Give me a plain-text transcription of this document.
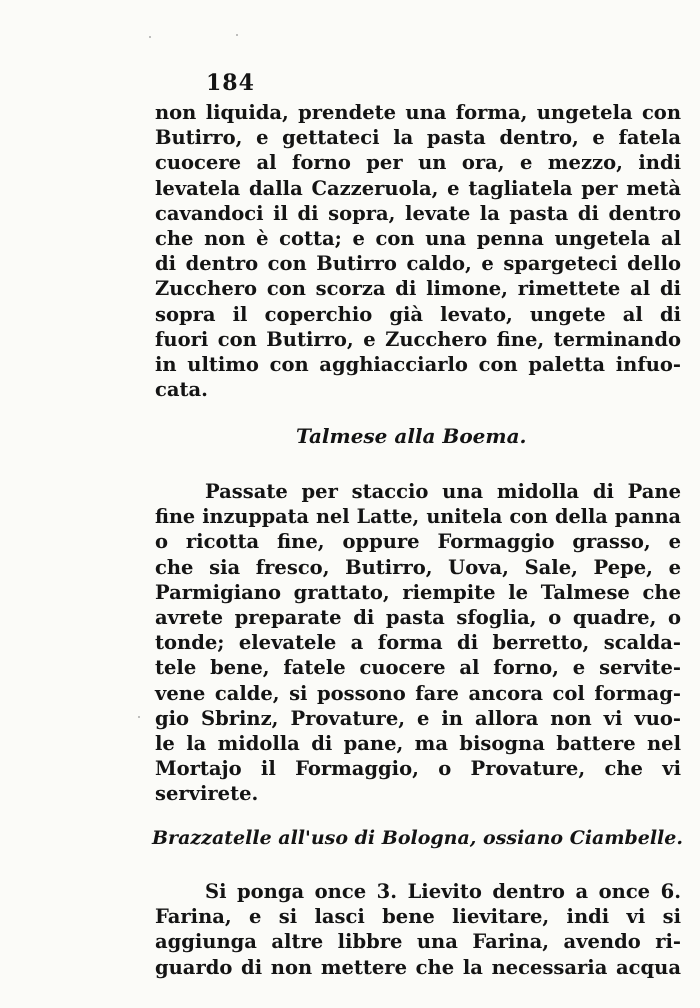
184
non liquida, prendete una forma, ungetela con
Butirro, e gettateci la pasta dentro, e fatela
cuocere al forno per un ora, e mezzo, indi
levatela dalla Cazzeruola, e tagliatela per metà
cavandoci il di sopra, levate la pasta di dentro
che non è cotta; e con una penna ungetela al
di dentro con Butirro caldo, e spargeteci dello
Zucchero con scorza di limone, rimettete al di
sopra il coperchio già levato, ungete al di
fuori con Butirro, e Zucchero fine, terminando
in ultimo con agghiacciarlo con paletta infuo-
cata.
Talmese alla Boema.
Passate per staccio una midolla di Pane
fine inzuppata nel Latte, unitela con della panna
o ricotta fine, oppure Formaggio grasso, e
che sia fresco, Butirro, Uova, Sale, Pepe, e
Parmigiano grattato, riempite le Talmese che
avrete preparate di pasta sfoglia, o quadre, o
tonde; elevatele a forma di berretto, scalda-
tele bene, fatele cuocere al forno, e servite-
vene calde, si possono fare ancora col formag-
gio Sbrinz, Provature, e in allora non vi vuo-
le la midolla di pane, ma bisogna battere nel
Mortajo il Formaggio, o Provature, che vi
servirete.
Brazzatelle all'uso di Bologna, ossiano Ciambelle.
Si ponga once 3. Lievito dentro a once 6.
Farina, e si lasci bene lievitare, indi vi si
aggiunga altre libbre una Farina, avendo ri-
guardo di non mettere che la necessaria acqua
